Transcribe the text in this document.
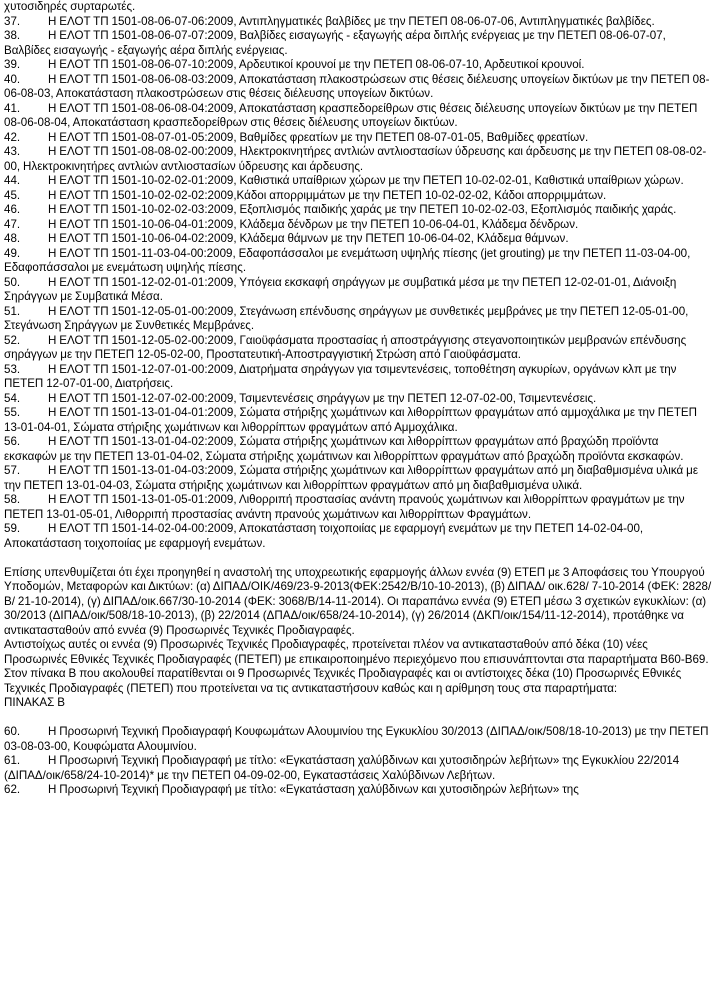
χυτοσιδηρές συρταρωτές.

37. Η ΕΛΟΤ ΤΠ 1501-08-06-07-06:2009, Αντιπληγματικές βαλβίδες με την ΠΕΤΕΠ 08-06-07-06, Αντιπληγματικές βαλβίδες.

38. Η ΕΛΟΤ ΤΠ 1501-08-06-07-07:2009, Βαλβίδες εισαγωγής - εξαγωγής αέρα διπλής ενέργειας με την ΠΕΤΕΠ 08-06-07-07, Βαλβίδες εισαγωγής - εξαγωγής αέρα διπλής ενέργειας.

39. Η ΕΛΟΤ ΤΠ 1501-08-06-07-10:2009, Αρδευτικοί κρουνοί με την ΠΕΤΕΠ 08-06-07-10, Αρδευτικοί κρουνοί.

40. Η ΕΛΟΤ ΤΠ 1501-08-06-08-03:2009, Αποκατάσταση πλακοστρώσεων στις θέσεις διέλευσης υπογείων δικτύων με την ΠΕΤΕΠ 08-06-08-03, Αποκατάσταση πλακοστρώσεων στις θέσεις διέλευσης υπογείων δικτύων.

41. Η ΕΛΟΤ ΤΠ 1501-08-06-08-04:2009, Αποκατάσταση κρασπεδορείθρων στις θέσεις διέλευσης υπογείων δικτύων με την ΠΕΤΕΠ 08-06-08-04, Αποκατάσταση κρασπεδορείθρων στις θέσεις διέλευσης υπογείων δικτύων.

42. Η ΕΛΟΤ ΤΠ 1501-08-07-01-05:2009, Βαθμίδες φρεατίων με την ΠΕΤΕΠ 08-07-01-05, Βαθμίδες φρεατίων.

43. Η ΕΛΟΤ ΤΠ 1501-08-08-02-00:2009, Ηλεκτροκινητήρες αντλιών αντλιοστασίων ύδρευσης και άρδευσης με την ΠΕΤΕΠ 08-08-02-00, Ηλεκτροκινητήρες αντλιών αντλιοστασίων ύδρευσης και άρδευσης.

44. Η ΕΛΟΤ ΤΠ 1501-10-02-02-01:2009, Καθιστικά υπαίθριων χώρων με την ΠΕΤΕΠ 10-02-02-01, Καθιστικά υπαίθριων χώρων.

45. Η ΕΛΟΤ ΤΠ 1501-10-02-02-02:2009,Κάδοι απορριμμάτων με την ΠΕΤΕΠ 10-02-02-02, Κάδοι απορριμμάτων.

46. Η ΕΛΟΤ ΤΠ 1501-10-02-02-03:2009, Εξοπλισμός παιδικής χαράς με την ΠΕΤΕΠ 10-02-02-03, Εξοπλισμός παιδικής χαράς.

47. Η ΕΛΟΤ ΤΠ 1501-10-06-04-01:2009, Κλάδεμα δένδρων με την ΠΕΤΕΠ 10-06-04-01, Κλάδεμα δένδρων.

48. Η ΕΛΟΤ ΤΠ 1501-10-06-04-02:2009, Κλάδεμα θάμνων με την ΠΕΤΕΠ 10-06-04-02, Κλάδεμα θάμνων.

49. Η ΕΛΟΤ ΤΠ 1501-11-03-04-00:2009, Εδαφοπάσσαλοι με ενεμάτωση υψηλής πίεσης (jet grouting) με την ΠΕΤΕΠ 11-03-04-00, Εδαφοπάσσαλοι με ενεμάτωση υψηλής πίεσης.

50. Η ΕΛΟΤ ΤΠ 1501-12-02-01-01:2009, Υπόγεια εκσκαφή σηράγγων με συμβατικά μέσα με την ΠΕΤΕΠ 12-02-01-01, Διάνοιξη Σηράγγων με Συμβατικά Μέσα.

51. Η ΕΛΟΤ ΤΠ 1501-12-05-01-00:2009, Στεγάνωση επένδυσης σηράγγων με συνθετικές μεμβράνες με την ΠΕΤΕΠ 12-05-01-00, Στεγάνωση Σηράγγων με Συνθετικές Μεμβράνες.

52. Η ΕΛΟΤ ΤΠ 1501-12-05-02-00:2009, Γαιοϋφάσματα προστασίας ή αποστράγγισης στεγανοποιητικών μεμβρανών επένδυσης σηράγγων με την ΠΕΤΕΠ 12-05-02-00, Προστατευτική-Αποστραγγιστική Στρώση από Γαιοϋφάσματα.

53. Η ΕΛΟΤ ΤΠ 1501-12-07-01-00:2009, Διατρήματα σηράγγων για τσιμεντενέσεις, τοποθέτηση αγκυρίων, οργάνων κλπ με την ΠΕΤΕΠ 12-07-01-00, Διατρήσεις.

54. Η ΕΛΟΤ ΤΠ 1501-12-07-02-00:2009, Τσιμεντενέσεις σηράγγων με την ΠΕΤΕΠ 12-07-02-00, Τσιμεντενέσεις.

55. Η ΕΛΟΤ ΤΠ 1501-13-01-04-01:2009, Σώματα στήριξης χωμάτινων και λιθορρίπτων φραγμάτων από αμμοχάλικα με την ΠΕΤΕΠ 13-01-04-01, Σώματα στήριξης χωμάτινων και λιθορρίπτων φραγμάτων από Αμμοχάλικα.

56. Η ΕΛΟΤ ΤΠ 1501-13-01-04-02:2009, Σώματα στήριξης χωμάτινων και λιθορρίπτων φραγμάτων από βραχώδη προϊόντα εκσκαφών με την ΠΕΤΕΠ 13-01-04-02, Σώματα στήριξης χωμάτινων και λιθορρίπτων φραγμάτων από βραχώδη προϊόντα εκσκαφών.

57. Η ΕΛΟΤ ΤΠ 1501-13-01-04-03:2009, Σώματα στήριξης χωμάτινων και λιθορρίπτων φραγμάτων από μη διαβαθμισμένα υλικά με την ΠΕΤΕΠ 13-01-04-03, Σώματα στήριξης χωμάτινων και λιθορρίπτων φραγμάτων από μη διαβαθμισμένα υλικά.

58. Η ΕΛΟΤ ΤΠ 1501-13-01-05-01:2009, Λιθορριπή προστασίας ανάντη πρανούς χωμάτινων και λιθορρίπτων φραγμάτων με την ΠΕΤΕΠ 13-01-05-01, Λιθορριπή προστασίας ανάντη πρανούς χωμάτινων και λιθορρίπτων Φραγμάτων.

59. Η ΕΛΟΤ ΤΠ 1501-14-02-04-00:2009, Αποκατάσταση τοιχοποιίας με εφαρμογή ενεμάτων με την ΠΕΤΕΠ 14-02-04-00, Αποκατάσταση τοιχοποιίας με εφαρμογή ενεμάτων.

Επίσης υπενθυμίζεται ότι έχει προηγηθεί η αναστολή της υποχρεωτικής εφαρμογής άλλων εννέα (9) ΕΤΕΠ με 3 Αποφάσεις του Υπουργού Υποδομών, Μεταφορών και Δικτύων: (α) ΔΙΠΑΔ/ΟΙΚ/469/23-9-2013(ΦΕΚ:2542/Β/10-10-2013), (β) ΔΙΠΑΔ/ οικ.628/ 7-10-2014 (ΦΕΚ: 2828/Β/ 21-10-2014), (γ) ΔΙΠΑΔ/οικ.667/30-10-2014 (ΦΕΚ: 3068/Β/14-11-2014). Οι παραπάνω εννέα (9) ΕΤΕΠ μέσω 3 σχετικών εγκυκλίων: (α) 30/2013 (ΔΙΠΑΔ/οικ/508/18-10-2013), (β) 22/2014 (ΔΠΑΔ/οικ/658/24-10-2014), (γ) 26/2014 (ΔΚΠ/οικ/154/11-12-2014), προτάθηκε να αντικατασταθούν από εννέα (9) Προσωρινές Τεχνικές Προδιαγραφές.

Αντιστοίχως αυτές οι εννέα (9) Προσωρινές Τεχνικές Προδιαγραφές, προτείνεται πλέον να αντικατασταθούν από δέκα (10) νέες Προσωρινές Εθνικές Τεχνικές Προδιαγραφές (ΠΕΤΕΠ) με επικαιροποιημένο περιεχόμενο που επισυνάπτονται στα παραρτήματα Β60-Β69.

Στον πίνακα Β που ακολουθεί παρατίθενται οι 9 Προσωρινές Τεχνικές Προδιαγραφές και οι αντίστοιχες δέκα (10) Προσωρινές Εθνικές Τεχνικές Προδιαγραφές (ΠΕΤΕΠ) που προτείνεται να τις αντικαταστήσουν καθώς και η αρίθμηση τους στα παραρτήματα:

ΠΙΝΑΚΑΣ Β

60. Η Προσωρινή Τεχνική Προδιαγραφή Κουφωμάτων Αλουμινίου της Εγκυκλίου 30/2013 (ΔΙΠΑΔ/οικ/508/18-10-2013) με την ΠΕΤΕΠ 03-08-03-00, Κουφώματα Αλουμινίου.

61. Η Προσωρινή Τεχνική Προδιαγραφή με τίτλο: «Εγκατάσταση χαλύβδινων και χυτοσιδηρών λεβήτων» της Εγκυκλίου 22/2014 (ΔΙΠΑΔ/οικ/658/24-10-2014)* με την ΠΕΤΕΠ 04-09-02-00, Εγκαταστάσεις Χαλύβδινων Λεβήτων.

62. Η Προσωρινή Τεχνική Προδιαγραφή με τίτλο: «Εγκατάσταση χαλύβδινων και χυτοσιδηρών λεβήτων» της
